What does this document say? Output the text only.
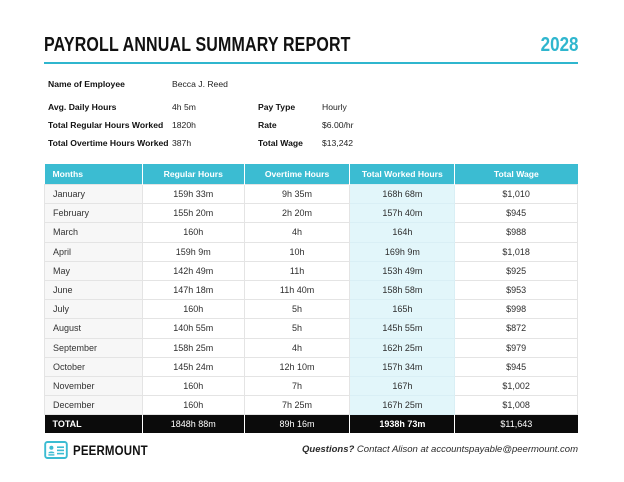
PAYROLL ANNUAL SUMMARY REPORT	2028
Name of Employee	Becca J. Reed
Avg. Daily Hours	4h 5m	Pay Type	Hourly
Total Regular Hours Worked 1820h	Rate	$6.00/hr
Total Overtime Hours Worked 387h	Total Wage $13,242
Months	Regular Hours	Overtime Hours	Total Worked Hours	Total Wage
January	159h 33m	9h 35m	168h 68m	$1,010
February	155h 20m	2h 20m	157h 40m	$945
March	160h	4h	164h	$988
April	159h 9m	10h	169h 9m	$1,018
May	142h 49m	11h	153h 49m	$925
June	147h 18m	11h 40m	158h 58m	$953
July	160h	5h	165h	$998
August	140h 55m	5h	145h 55m	$872
September	158h 25m	4h	162h 25m	$979
October	145h 24m	12h 10m	157h 34m	$945
November	160h	7h	167h	$1,002
December	160h	7h 25m	167h 25m	$1,008
TOTAL	1848h 88m	89h 16m	1938h 73m	$11,643
PEERMOUNT	Questions? Contact Alison at accountspayable@peermount.com
